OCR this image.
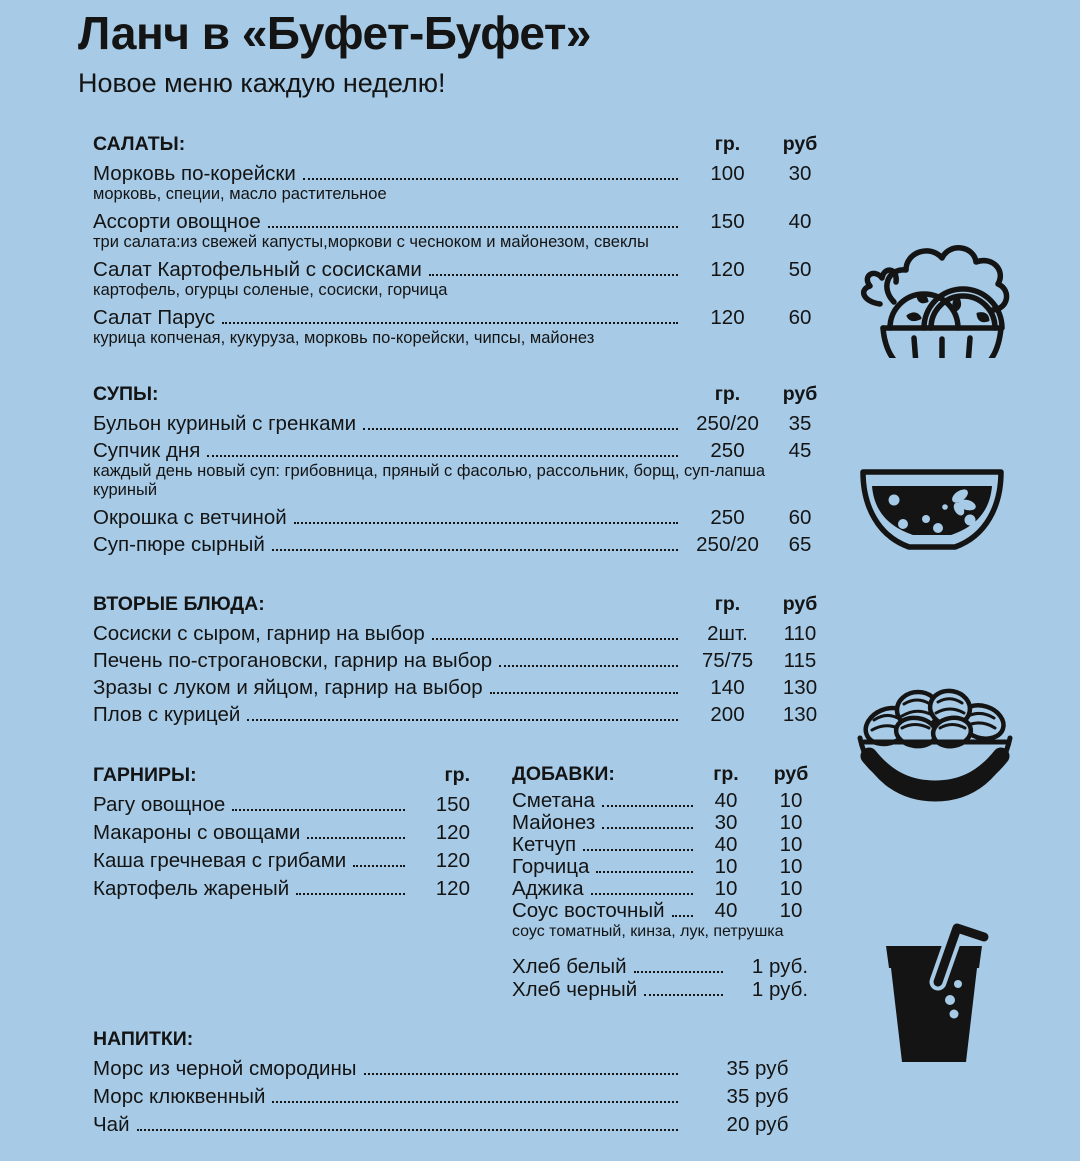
Ланч в «Буфет-Буфет»
Новое меню каждую неделю!
САЛАТЫ:	гр.	руб
Морковь по-корейски	100	30
морковь, специи, масло растительное
Ассорти овощное	150	40
три салата:из свежей капусты,моркови с чесноком и майонезом, свеклы
Салат Картофельный с сосисками	120	50
картофель, огурцы соленые, сосиски, горчица
Салат Парус	120	60
курица копченая, кукуруза, морковь по-корейски, чипсы, майонез
СУПЫ:	гр.	руб
Бульон куриный с гренками	250/20	35
Супчик дня	250	45
каждый день новый суп: грибовница, пряный с фасолью, рассольник, борщ, суп-лапша куриный
Окрошка с ветчиной	250	60
Суп-пюре сырный	250/20	65
ВТОРЫЕ БЛЮДА:	гр.	руб
Сосиски с сыром, гарнир на выбор	2шт.	110
Печень по-строгановски, гарнир на выбор	75/75	115
Зразы с луком и яйцом, гарнир на выбор	140	130
Плов с курицей	200	130
ГАРНИРЫ:	гр.
Рагу овощное	150
Макароны с овощами	120
Каша гречневая с грибами	120
Картофель жареный	120
ДОБАВКИ:	гр.	руб
Сметана	40	10
Майонез	30	10
Кетчуп	40	10
Горчица	10	10
Аджика	10	10
Соус восточный	40	10
соус томатный, кинза, лук, петрушка
Хлеб белый	1 руб.
Хлеб черный	1 руб.
НАПИТКИ:
Морс из черной смородины	35 руб
Морс клюквенный	35 руб
Чай	20 руб
